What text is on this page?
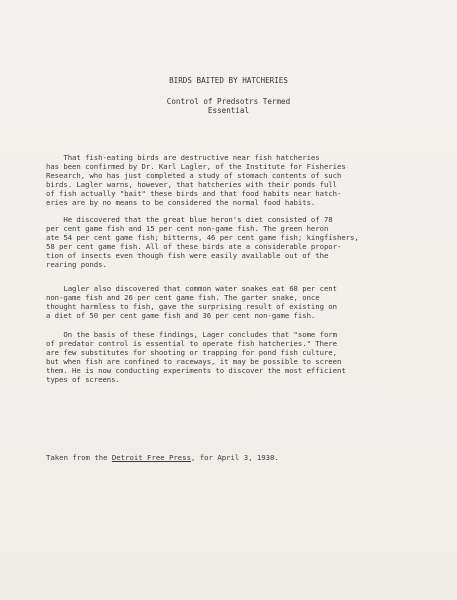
BIRDS BAITED BY HATCHERIES
Control of Predsotrs Termed
Essential
That fish-eating birds are destructive near fish hatcheries
has been confirmed by Dr. Karl Lagler, of the Institute for Fisheries
Research, who has just completed a study of stomach contents of such
birds. Lagler warns, however, that hatcheries with their ponds full
of fish actually "bait" these birds and that food habits near hatch-
eries are by no means to be considered the normal food habits.
He discovered that the great blue heron's diet consisted of 78
per cent game fish and 15 per cent non-game fish. The green heron
ate 54 per cent game fish; bitterns, 46 per cent game fish; kingfishers,
58 per cent game fish. All of these birds ate a considerable propor-
tion of insects even though fish were easily available out of the
rearing ponds.
Lagler also discovered that common water snakes eat 68 per cent
non-game fish and 26 per cent game fish. The garter snake, once
thought harmless to fish, gave the surprising result of existing on
a diet of 50 per cent game fish and 36 per cent non-game fish.
On the basis of these findings, Lager concludes that "some form
of predator control is essential to operate fish hatcheries." There
are few substitutes for shooting or trapping for pond fish culture,
but when fish are confined to raceways, it may be possible to screen
them. He is now conducting experiments to discover the most efficient
types of screens.
Taken from the Detroit Free Press, for April 3, 1938.
